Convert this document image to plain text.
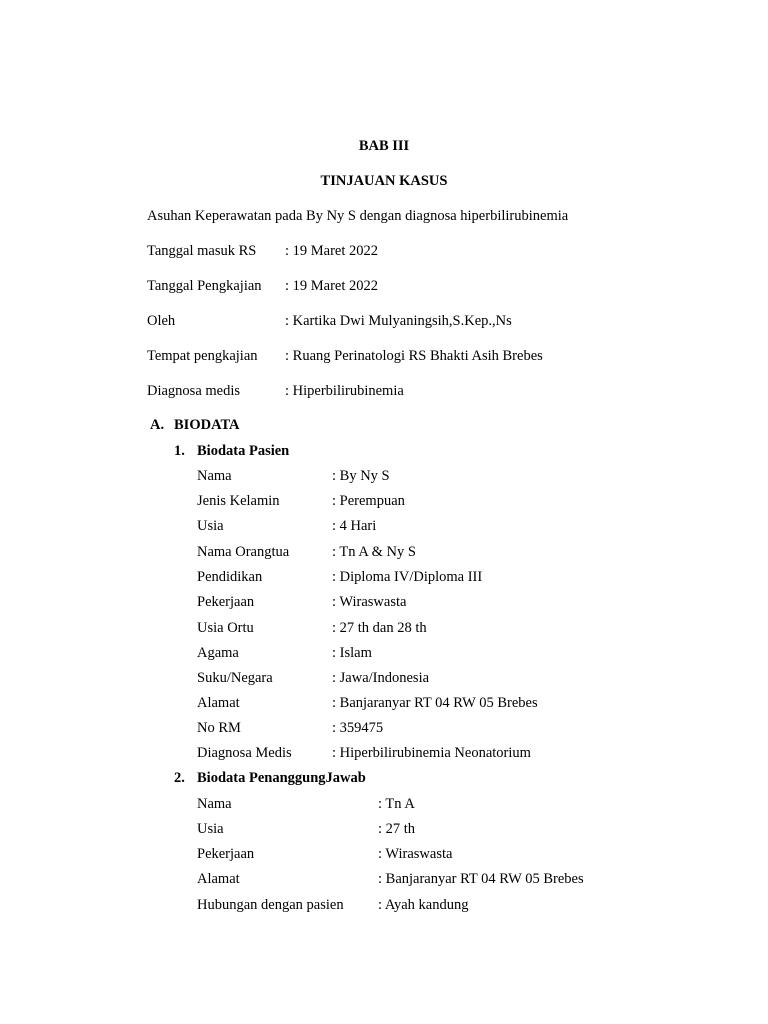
BAB III
TINJAUAN KASUS
Asuhan Keperawatan pada By Ny S dengan diagnosa hiperbilirubinemia
Tanggal masuk RS : 19 Maret 2022
Tanggal Pengkajian : 19 Maret 2022
Oleh	: Kartika Dwi Mulyaningsih,S.Kep.,Ns
Tempat pengkajian : Ruang Perinatologi RS Bhakti Asih Brebes
Diagnosa medis	: Hiperbilirubinemia
A. BIODATA
1. Biodata Pasien
Nama	: By Ny S
Jenis Kelamin	: Perempuan
Usia	: 4 Hari
Nama Orangtua	: Tn A & Ny S
Pendidikan	: Diploma IV/Diploma III
Pekerjaan	: Wiraswasta
Usia Ortu	: 27 th dan 28 th
Agama	: Islam
Suku/Negara	: Jawa/Indonesia
Alamat	: Banjaranyar RT 04 RW 05 Brebes
No RM	: 359475
Diagnosa Medis	: Hiperbilirubinemia Neonatorium
2. Biodata PenanggungJawab
Nama	: Tn A
Usia	: 27 th
Pekerjaan	: Wiraswasta
Alamat	: Banjaranyar RT 04 RW 05 Brebes
Hubungan dengan pasien : Ayah kandung
